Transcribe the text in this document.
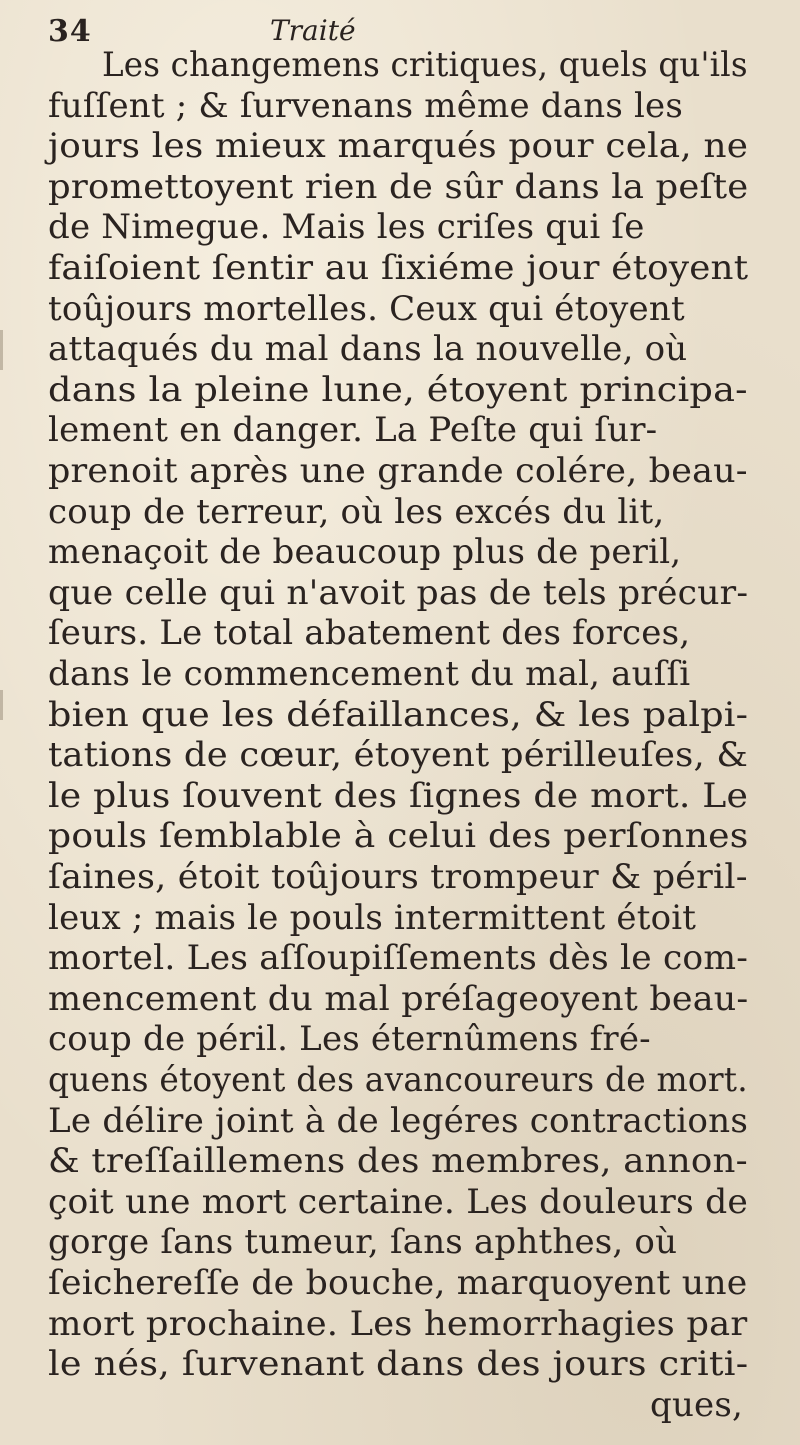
34	Traité
Les changemens critiques, quels qu'ils
fuſſent ; & ſurvenans même dans les
jours les mieux marqués pour cela, ne
promettoyent rien de sûr dans la peſte
de Nimegue. Mais les criſes qui ſe
faiſoient ſentir au ſixiéme jour étoyent
toûjours mortelles. Ceux qui étoyent
attaqués du mal dans la nouvelle, où
dans la pleine lune, étoyent principa-
lement en danger. La Peſte qui ſur-
prenoit après une grande colére, beau-
coup de terreur, où les excés du lit,
menaçoit de beaucoup plus de peril,
que celle qui n'avoit pas de tels précur-
ſeurs. Le total abatement des forces,
dans le commencement du mal, auſſi
bien que les défaillances, & les palpi-
tations de cœur, étoyent périlleuſes, &
le plus ſouvent des ſignes de mort. Le
pouls ſemblable à celui des perſonnes
ſaines, étoit toûjours trompeur & péril-
leux ; mais le pouls intermittent étoit
mortel. Les aſſoupiſſements dès le com-
mencement du mal préſageoyent beau-
coup de péril. Les éternûmens fré-
quens étoyent des avancoureurs de mort.
Le délire joint à de legéres contractions
& treſſaillemens des membres, annon-
çoit une mort certaine. Les douleurs de
gorge ſans tumeur, ſans aphthes, où
ſeichereſſe de bouche, marquoyent une
mort prochaine. Les hemorrhagies par
le nés, ſurvenant dans des jours criti-
ques,
